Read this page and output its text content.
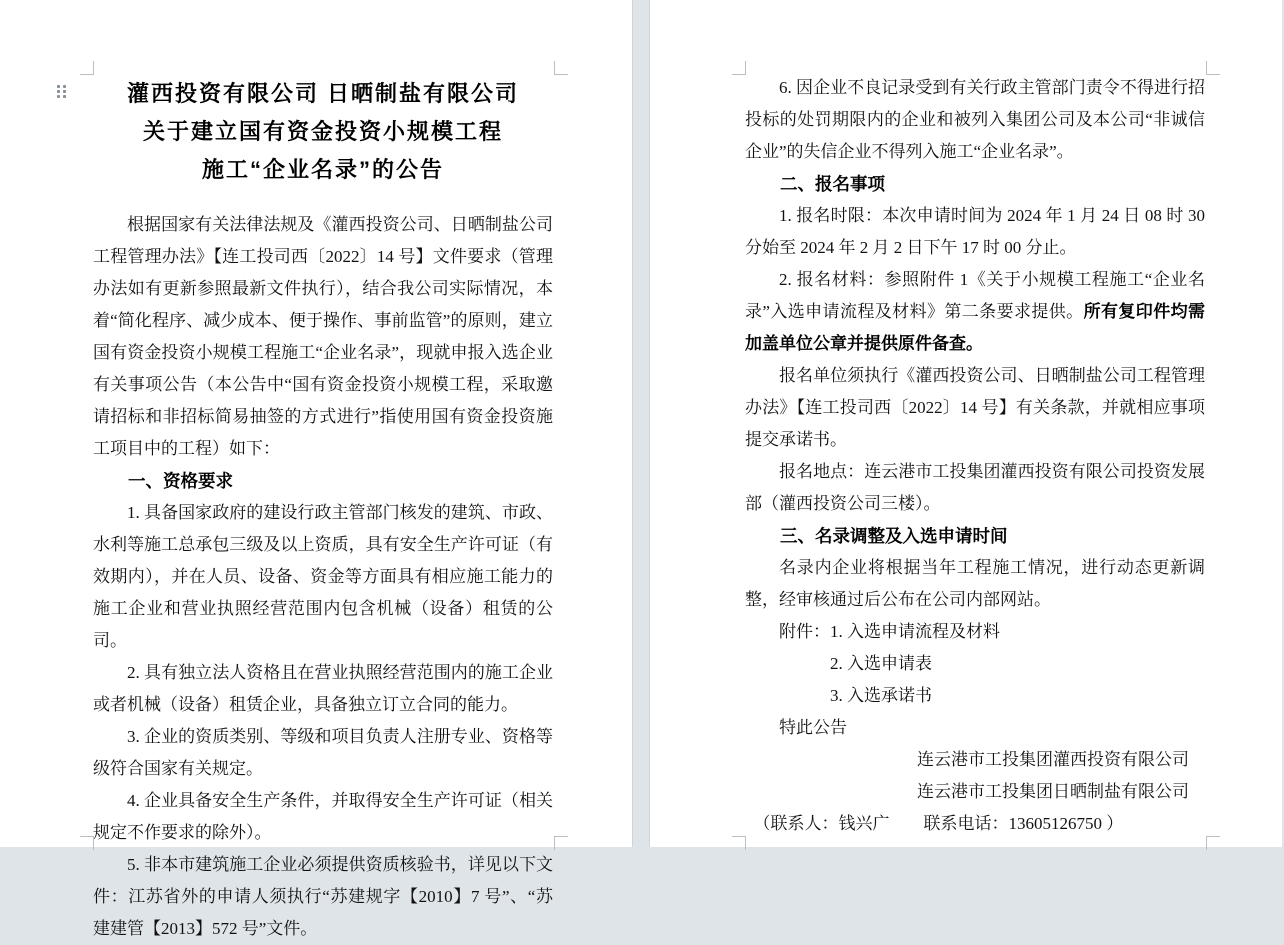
灌西投资有限公司 日晒制盐有限公司
关于建立国有资金投资小规模工程
施工“企业名录”的公告

根据国家有关法律法规及《灌西投资公司、日晒制盐公司工程管理办法》【连工投司西〔2022〕14 号】文件要求（管理办法如有更新参照最新文件执行），结合我公司实际情况，本着“简化程序、减少成本、便于操作、事前监管”的原则，建立国有资金投资小规模工程施工“企业名录”，现就申报入选企业有关事项公告（本公告中“国有资金投资小规模工程，采取邀请招标和非招标简易抽签的方式进行”指使用国有资金投资施工项目中的工程）如下：

一、资格要求

1. 具备国家政府的建设行政主管部门核发的建筑、市政、水利等施工总承包三级及以上资质，具有安全生产许可证（有效期内），并在人员、设备、资金等方面具有相应施工能力的施工企业和营业执照经营范围内包含机械（设备）租赁的公司。

2. 具有独立法人资格且在营业执照经营范围内的施工企业或者机械（设备）租赁企业，具备独立订立合同的能力。

3. 企业的资质类别、等级和项目负责人注册专业、资格等级符合国家有关规定。

4. 企业具备安全生产条件，并取得安全生产许可证（相关规定不作要求的除外）。

5. 非本市建筑施工企业必须提供资质核验书，详见以下文件：江苏省外的申请人须执行“苏建规字【2010】7 号”、“苏建建管【2013】572 号”文件。

6. 因企业不良记录受到有关行政主管部门责令不得进行招投标的处罚期限内的企业和被列入集团公司及本公司“非诚信企业”的失信企业不得列入施工“企业名录”。

二、报名事项

1. 报名时限：本次申请时间为 2024 年 1 月 24 日 08 时 30 分始至 2024 年 2 月 2 日下午 17 时 00 分止。

2. 报名材料：参照附件 1《关于小规模工程施工“企业名录”入选申请流程及材料》第二条要求提供。所有复印件均需加盖单位公章并提供原件备查。

报名单位须执行《灌西投资公司、日晒制盐公司工程管理办法》【连工投司西〔2022〕14 号】有关条款，并就相应事项提交承诺书。

报名地点：连云港市工投集团灌西投资有限公司投资发展部（灌西投资公司三楼）。

三、名录调整及入选申请时间

名录内企业将根据当年工程施工情况，进行动态更新调整，经审核通过后公布在公司内部网站。

附件：1. 入选申请流程及材料

2. 入选申请表

3. 入选承诺书

特此公告

连云港市工投集团灌西投资有限公司

连云港市工投集团日晒制盐有限公司

（联系人：钱兴广　　联系电话：13605126750 ）
